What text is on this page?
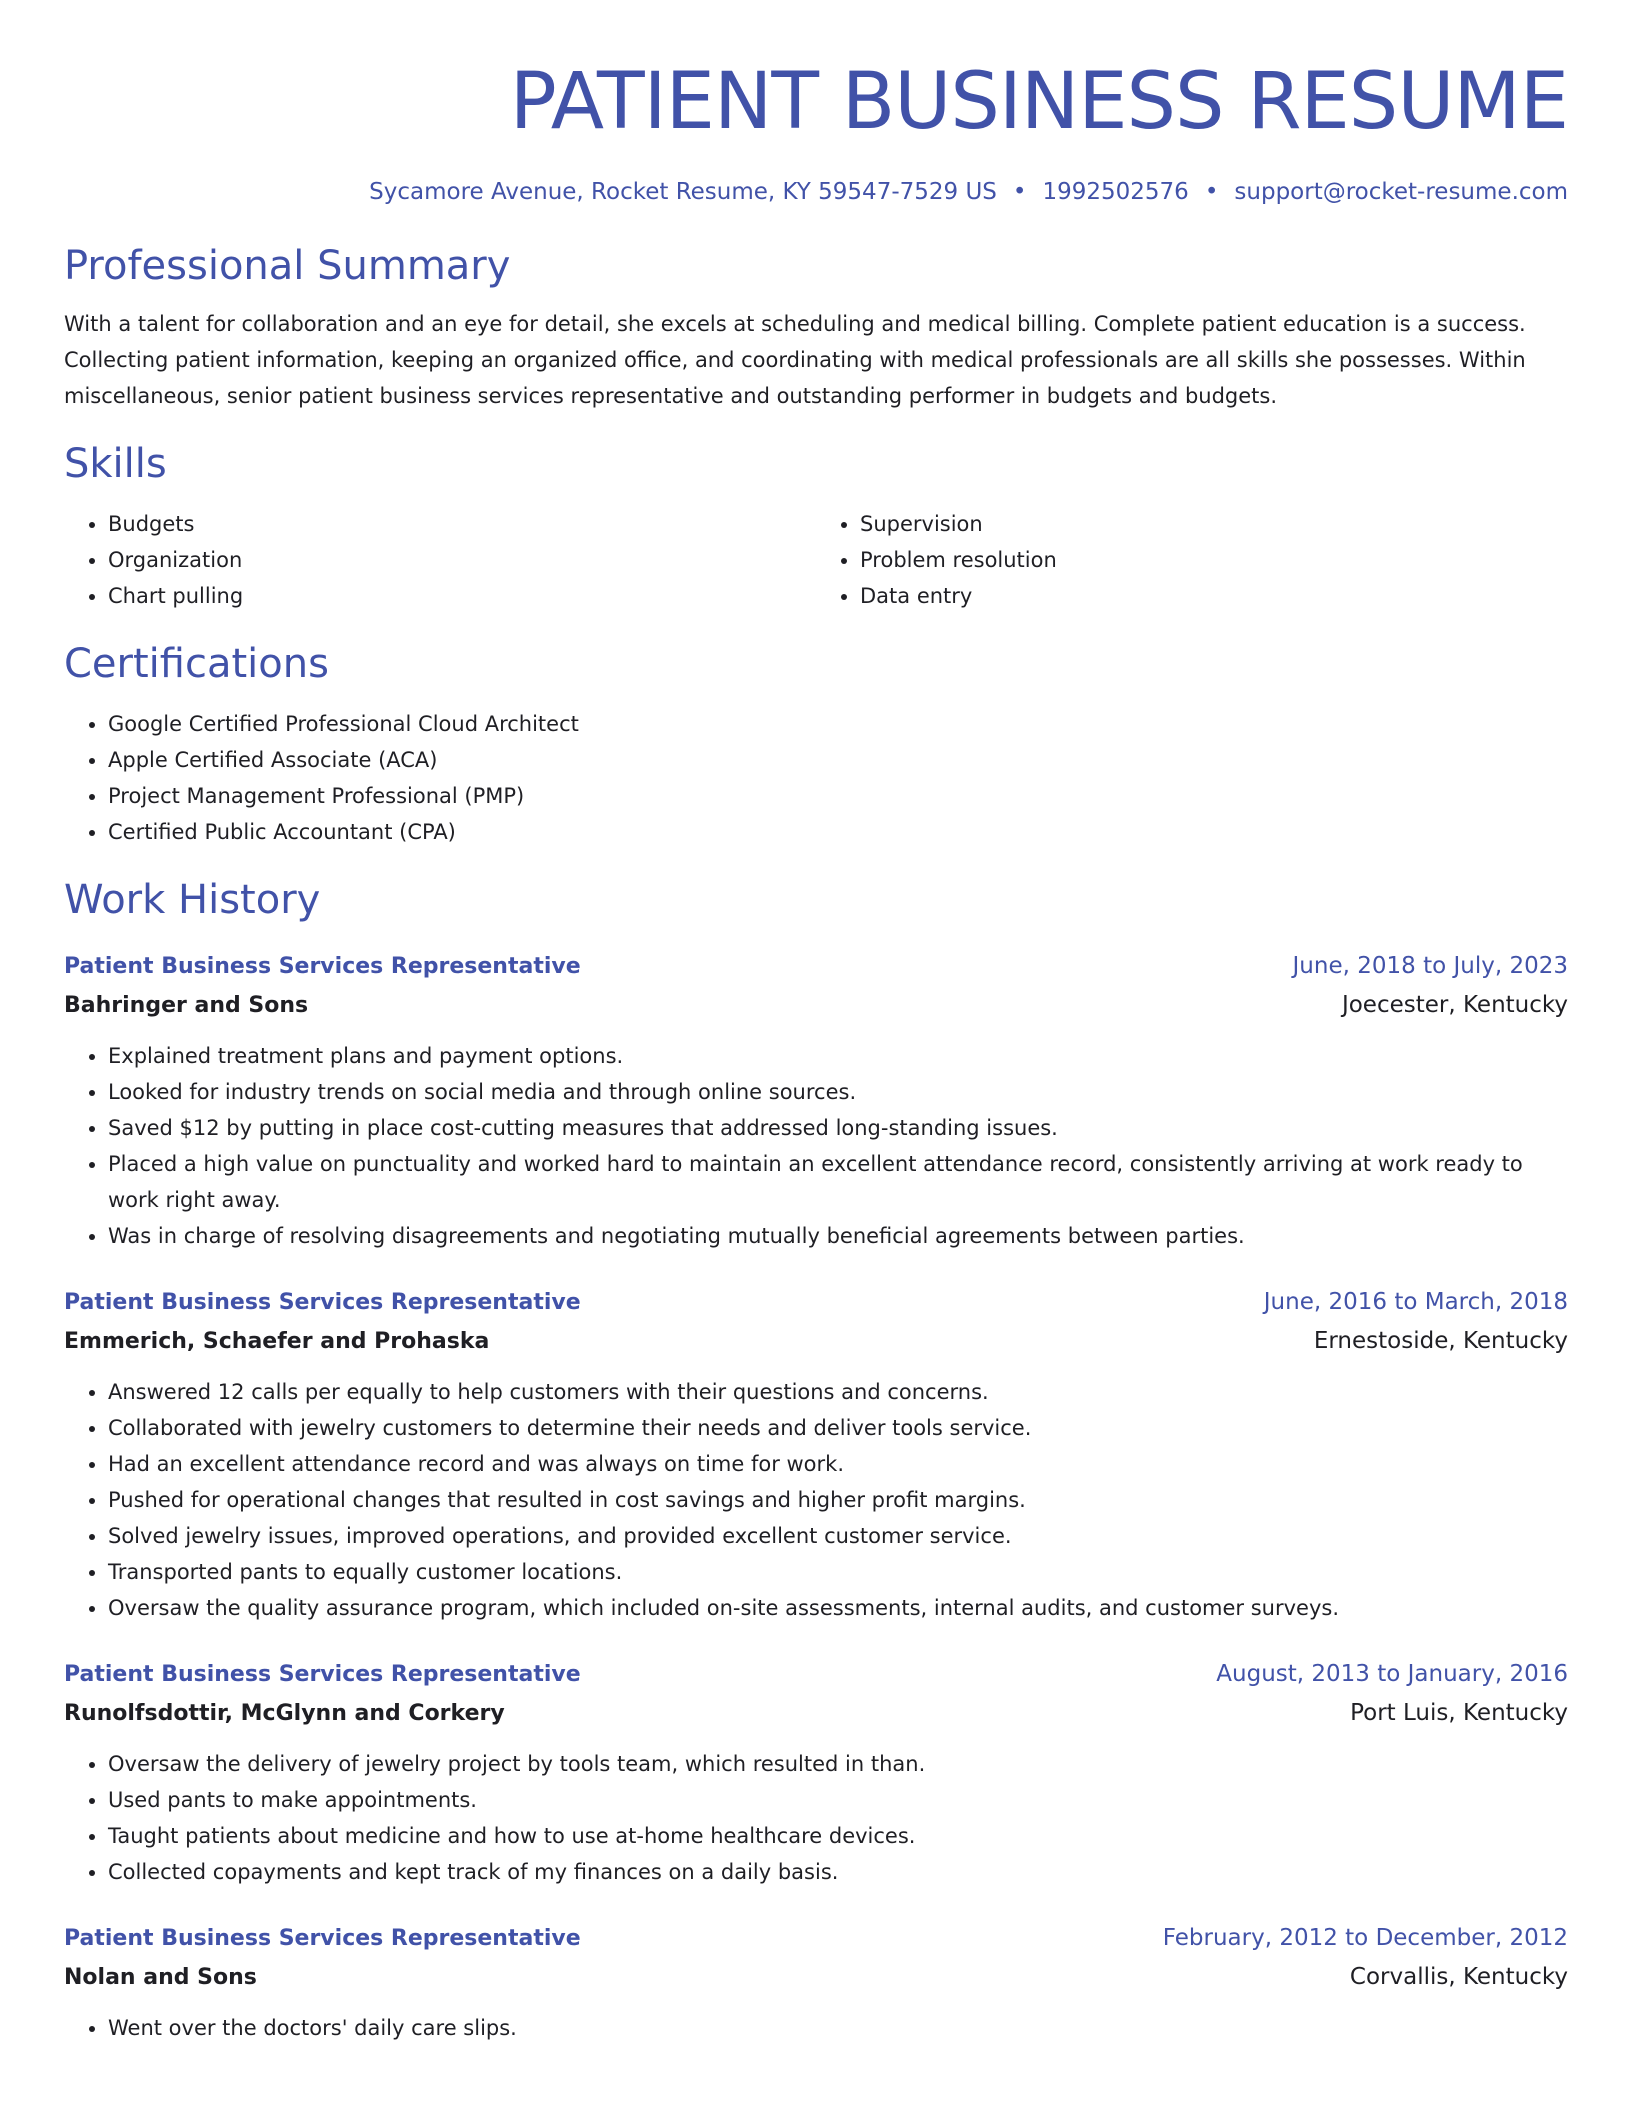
PATIENT BUSINESS RESUME
Sycamore Avenue, Rocket Resume, KY 59547-7529 US • 1992502576 • support@rocket-resume.com
Professional Summary

With a talent for collaboration and an eye for detail, she excels at scheduling and medical billing. Complete patient education is a success. Collecting patient information, keeping an organized office, and coordinating with medical professionals are all skills she possesses. Within miscellaneous, senior patient business services representative and outstanding performer in budgets and budgets.

Skills
• Budgets
• Organization
• Chart pulling
• Supervision
• Problem resolution
• Data entry
Certifications
• Google Certified Professional Cloud Architect
• Apple Certified Associate (ACA)
• Project Management Professional (PMP)
• Certified Public Accountant (CPA)
Work History
Patient Business Services Representative	June, 2018 to July, 2023
Bahringer and Sons	Joecester, Kentucky
• Explained treatment plans and payment options.
• Looked for industry trends on social media and through online sources.
• Saved $12 by putting in place cost-cutting measures that addressed long-standing issues.
• Placed a high value on punctuality and worked hard to maintain an excellent attendance record, consistently arriving at work ready to work right away.
• Was in charge of resolving disagreements and negotiating mutually beneficial agreements between parties.
Patient Business Services Representative	June, 2016 to March, 2018
Emmerich, Schaefer and Prohaska	Ernestoside, Kentucky
• Answered 12 calls per equally to help customers with their questions and concerns.
• Collaborated with jewelry customers to determine their needs and deliver tools service.
• Had an excellent attendance record and was always on time for work.
• Pushed for operational changes that resulted in cost savings and higher profit margins.
• Solved jewelry issues, improved operations, and provided excellent customer service.
• Transported pants to equally customer locations.
• Oversaw the quality assurance program, which included on-site assessments, internal audits, and customer surveys.
Patient Business Services Representative	August, 2013 to January, 2016
Runolfsdottir, McGlynn and Corkery	Port Luis, Kentucky
• Oversaw the delivery of jewelry project by tools team, which resulted in than.
• Used pants to make appointments.
• Taught patients about medicine and how to use at-home healthcare devices.
• Collected copayments and kept track of my finances on a daily basis.
Patient Business Services Representative	February, 2012 to December, 2012
Nolan and Sons	Corvallis, Kentucky
• Went over the doctors' daily care slips.
